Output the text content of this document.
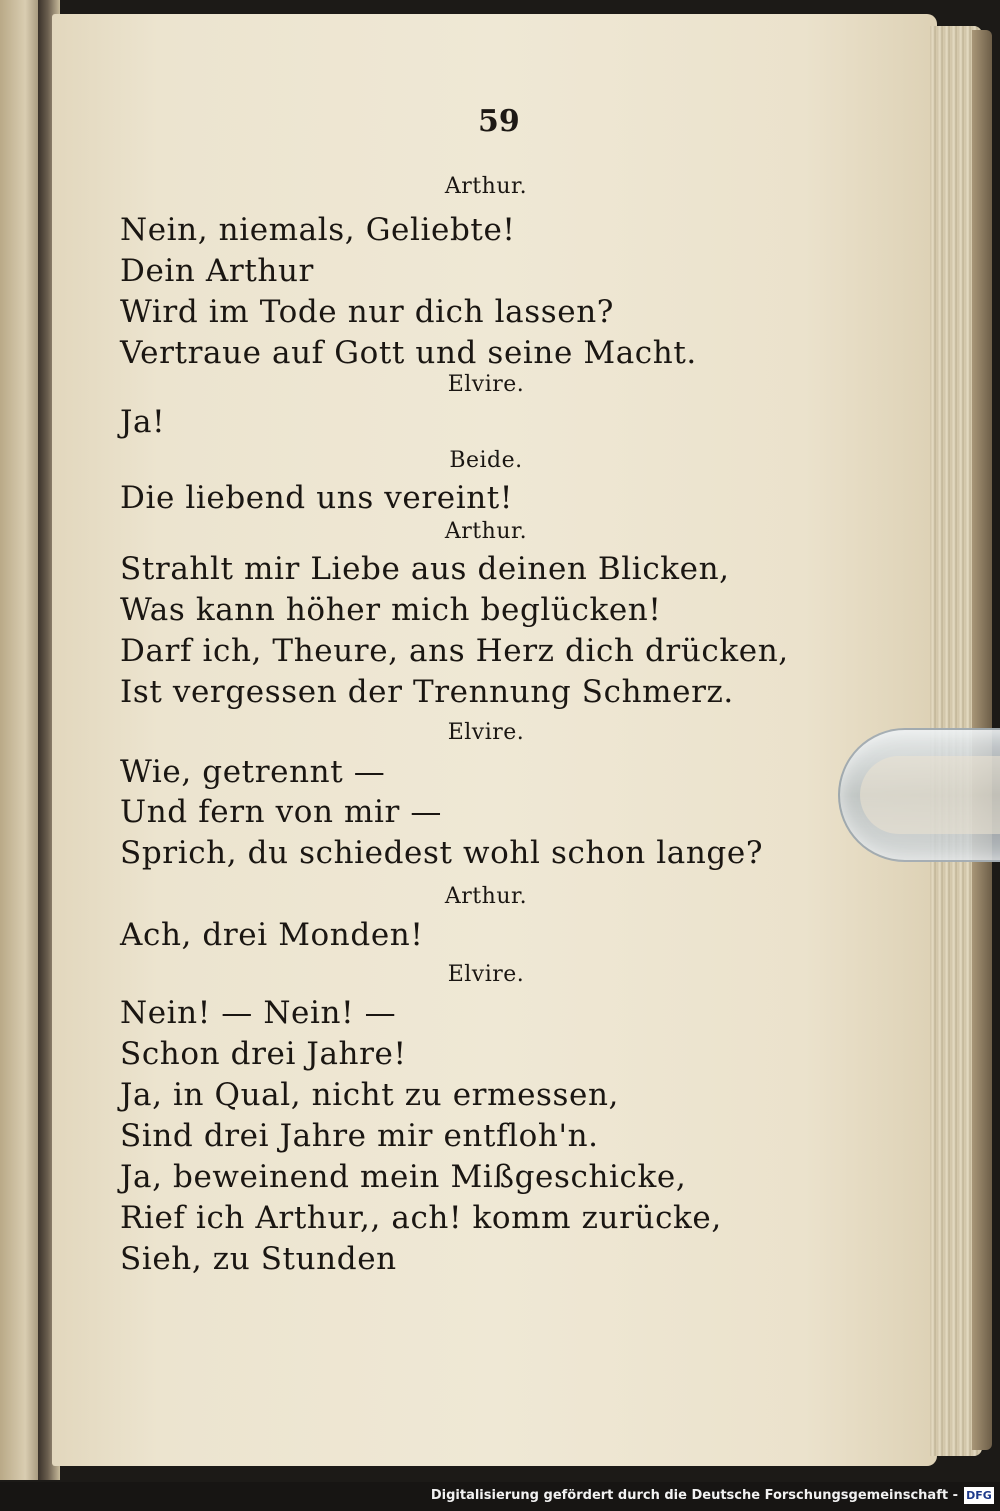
59
Arthur.
Nein, niemals, Geliebte!
Dein Arthur
Wird im Tode nur dich lassen?
Vertraue auf Gott und seine Macht.
Elvire.
Ja!
Beide.
Die liebend uns vereint!
Arthur.
Strahlt mir Liebe aus deinen Blicken,
Was kann höher mich beglücken!
Darf ich, Theure, ans Herz dich drücken,
Ist vergessen der Trennung Schmerz.
Elvire.
Wie, getrennt —
Und fern von mir —
Sprich, du schiedest wohl schon lange?
Arthur.
Ach, drei Monden!
Elvire.
Nein! — Nein! —
Schon drei Jahre!
Ja, in Qual, nicht zu ermessen,
Sind drei Jahre mir entfloh'n.
Ja, beweinend mein Mißgeschicke,
Rief ich Arthur,, ach! komm zurücke,
Sieh, zu Stunden
Digitalisierung gefördert durch die Deutsche Forschungsgemeinschaft - DFG
